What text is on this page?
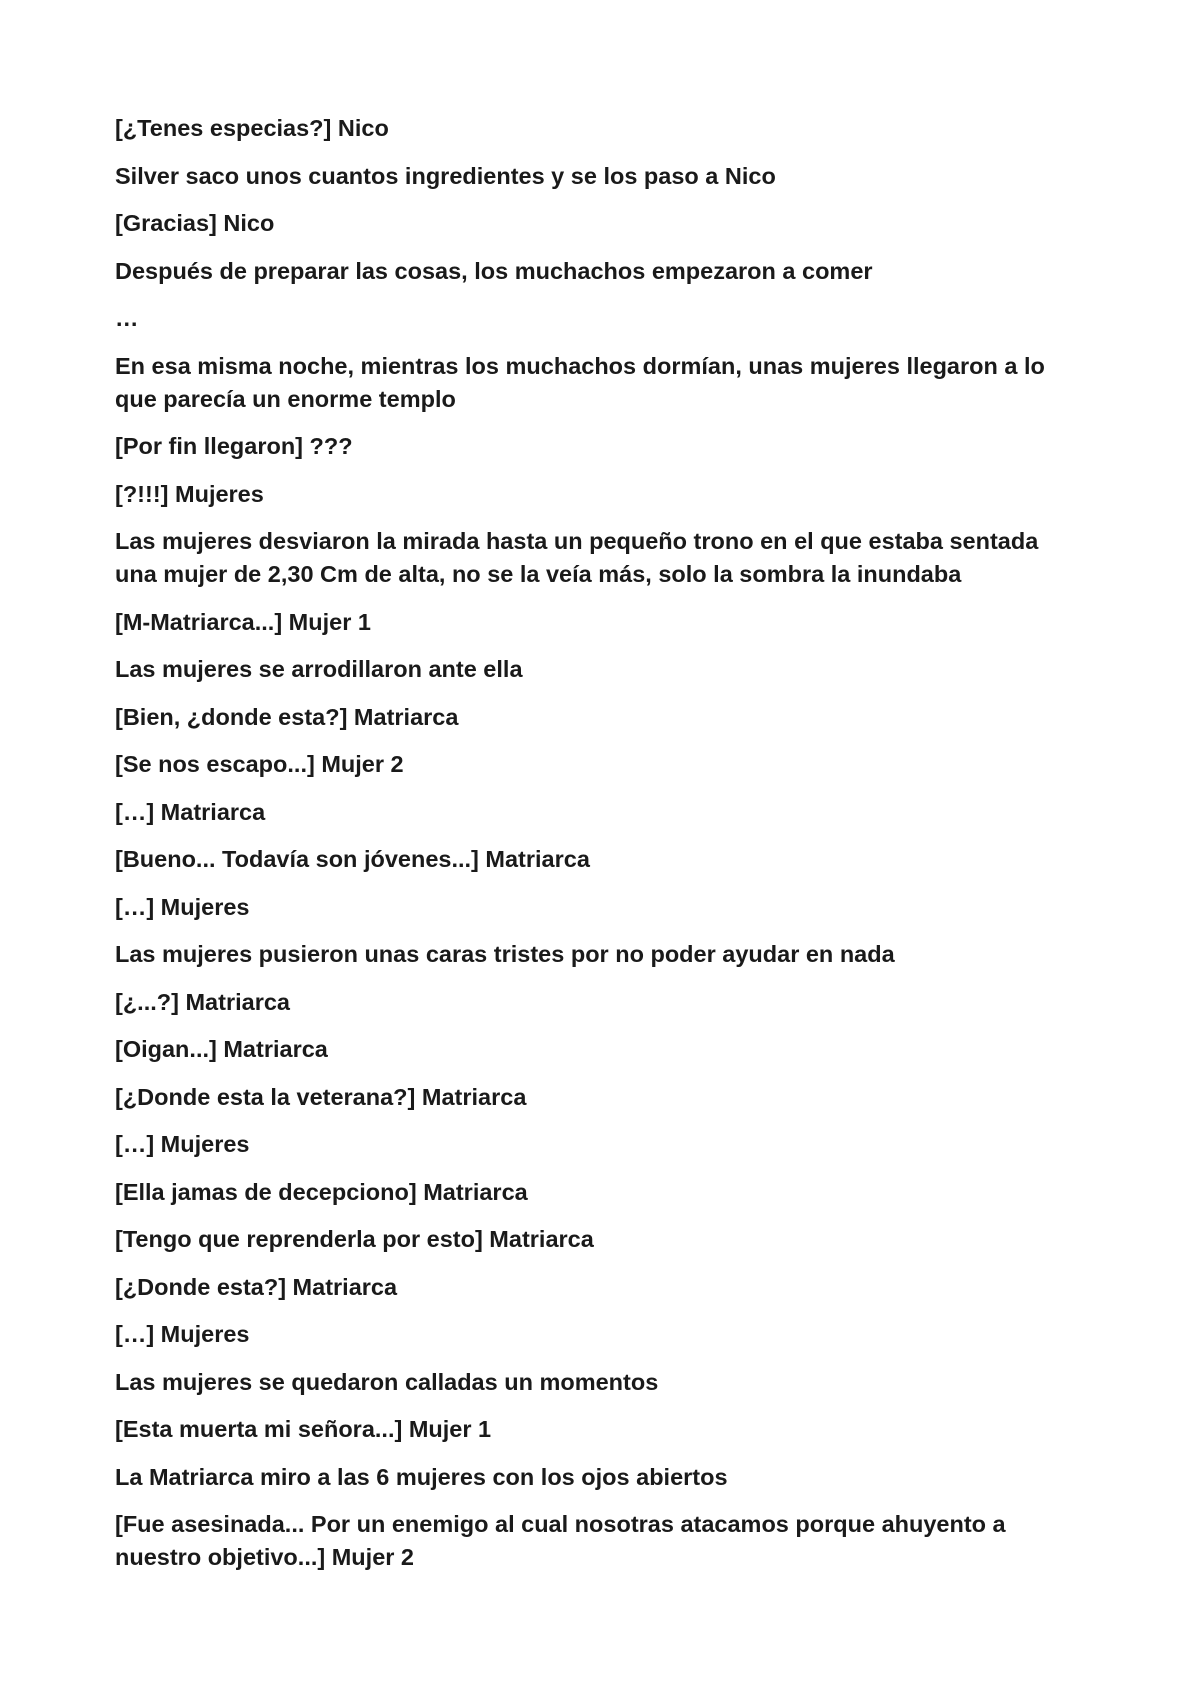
[¿Tenes especias?] Nico

Silver saco unos cuantos ingredientes y se los paso a Nico

[Gracias] Nico

Después de preparar las cosas, los muchachos empezaron a comer

…

En esa misma noche, mientras los muchachos dormían, unas mujeres llegaron a lo que parecía un enorme templo

[Por fin llegaron] ???

[?!!!] Mujeres

Las mujeres desviaron la mirada hasta un pequeño trono en el que estaba sentada una mujer de 2,30 Cm de alta, no se la veía más, solo la sombra la inundaba

[M-Matriarca...] Mujer 1

Las mujeres se arrodillaron ante ella

[Bien, ¿donde esta?] Matriarca

[Se nos escapo...] Mujer 2

[…] Matriarca

[Bueno... Todavía son jóvenes...] Matriarca

[…] Mujeres

Las mujeres pusieron unas caras tristes por no poder ayudar en nada

[¿...?] Matriarca

[Oigan...] Matriarca

[¿Donde esta la veterana?] Matriarca

[…] Mujeres

[Ella jamas de decepciono] Matriarca

[Tengo que reprenderla por esto] Matriarca

[¿Donde esta?] Matriarca

[…] Mujeres

Las mujeres se quedaron calladas un momentos

[Esta muerta mi señora...] Mujer 1

La Matriarca miro a las 6 mujeres con los ojos abiertos

[Fue asesinada... Por un enemigo al cual nosotras atacamos porque ahuyento a nuestro objetivo...] Mujer 2
